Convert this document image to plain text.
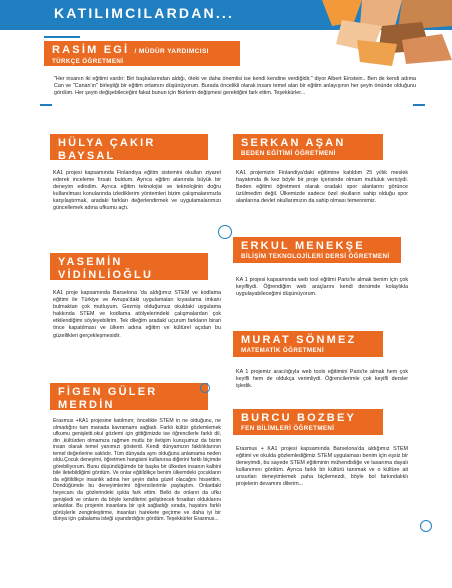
KATILIMCILARDAN...
RASİM EGİ / MÜDÜR YARDIMCISI
TÜRKÇE ÖĞRETMENİ
"Her insanın iki eğitimi vardır: Biri başkalarından aldığı, öteki ve daha önemlisi ise kendi kendine verdiğidir." diyor Albert Einstein.. Ben de kendi adıma Can ve "Canan'ın" birleştiği bir eğitim ortamını düşünüyorum. Burada öncelikli olarak insanı temel alan bir eğitim anlayışının her şeyin önünde olduğunu gördüm. Her şeyin değişebileceğini fakat bunun için fikirlerin değişmesi gerektiğini fark ettim. Teşekkürler...
HÜLYA ÇAKIR BAYSAL
REHBER ÖĞRETMEN
KA1 projesi kapsamında Finlandiya eğitim sistemini okulları ziyaret ederek inceleme fırsatı buldum. Ayrıca eğitim alanında büyük bir deneyim edindim. Ayrıca eğitim teknolojisi ve teknolojinin doğru kullanılması konularında izlediklerim yöntemleri bizim çalışmalarımızla karşılaştırmak, aradaki farkları değerlendirmek ve uygulamalarımızı güncellemek adına ufkumu açtı.
SERKAN AŞAN
BEDEN EĞİTİMİ ÖĞRETMENİ
KA1 projemizin Finlandiya'daki eğitimine katıldım 25 yıllık meslek hayatımda ilk kez böyle bir proje içerisinde olmam mutluluk vericiydi. Beden eğitimi öğretmeni olarak oradaki spor alanlarını görünce üzülmedim değil. Ülkemizde sadece özel okulların sahip olduğu spor alanlarına devlet okullarımızın da sahip olması temennimiz.
YASEMİN VİDİNLİOĞLU
TEKNOLOJİ TASARIM DERSİ ÖĞRETMENİ
KA1 proje kapsamında Barselona 'da aldığımız STEM ve kodlama eğitimi ile Türkiye ve Avrupa'daki uygulamaları kıyaslama imkanı bulmaktan çok mutluyum. Gezmiş olduğumuz okuldaki uygulama hakkında STEM ve kodlama atölyelerindeki çalışmalardan çok etkilendiğimi söyleyebilirim. Tek dileğim aradaki uçurum farkların biran önce kapatılması ve ülkem adına eğitim ve kültürel açıdan bu güzellikleri gerçekleşmesidir.
ERKUL MENEKŞE
BİLİŞİM TEKNOLOJİLERİ DERSİ ÖĞRETMENİ
KA 1 projesi kapsamında web tool eğitimi Paris'te almak benim için çok keyifliydi. Öğrendiğim web araçlarını kendi dersimde kolaylıkla uygulayabileceğimi düşünüyorum.
MURAT SÖNMEZ
MATEMATİK ÖĞRETMENİ
KA 1 projemiz aracılığıyla web tools eğitimini Paris'te almak hem çok keyifli hem de oldukça verimliydi. Öğrencilerimle çok keyifli dersler işledik.
FİGEN GÜLER MERDİN
FEN BİLİMLERİ ÖĞRETMENİ
Erasmus +KA1 projesine katılmım; öncelikle STEM in ne olduğunu, ne olmadığını tam manada kavramamı sağladı. Farklı kültür gözlemlemek ufkumu genişletti.okul gözlemi için gittiğimizde ise öğrencilerle farklı dil, din ,kültürden olmamıza rağmen mutlu bir iletişim kuruşumuz da bizim insan olarak temel yanımızı gösterdi. Kendi dünyamızın faklılıklarının temel değerlerine saklıdır. Tüm dünyada aynı olduğunu anlamama neden oldu.Çocuk deneyimi, öğretmen hangisini kullanırsa diğerini farklı biçimde görebiliyorum. Bunu düşündüğümde bir başka bir ülkeden insanın kalbini bile iletebildiğimi gördüm. Ve onlar eğitildikçe benim ülkemdeki çocukların da eğitildikçe insanlık adına her şeyin daha güzel olacağını hissettim. Döndüğümde bu deneyimlerimi öğrencilerimle paylaştım. Onlardaki heyecanı da gözlerindeki ışıkta fark ettim. Belki de onların da ufku genişledi ve onların da böyle kendilerini geliştirecek fırsatları olduklarını anladılar. Bu projenin insanlara bir ışık sağladığı sırada, hayatını farklı görüşlerle zenginleştirme, insanları harekete geçirme ve daha iyi bir dünya için çabalama isteği uyandırdığını gördüm. Teşekkürler Erasmus...
BURCU BOZBEY
FEN BİLİMLERİ ÖĞRETMENİ
Erasmus + KA1 projesi kapsamında Barselona'da aldığımız STEM eğitimi ve okulda gözlemlediğimiz STEM uygulaması benim için eşsiz bir deneyimdi, bu sayede STEM eğitiminin mühendisliğe ve tasarıma dayalı kullanımını gördüm. Ayrıca farklı bir kültürü tanımak ve o kültüre ait unsurları deneyimlemek paha biçilemezdi, böyle bol farkındalıklı projelerin devamını dilerim...
